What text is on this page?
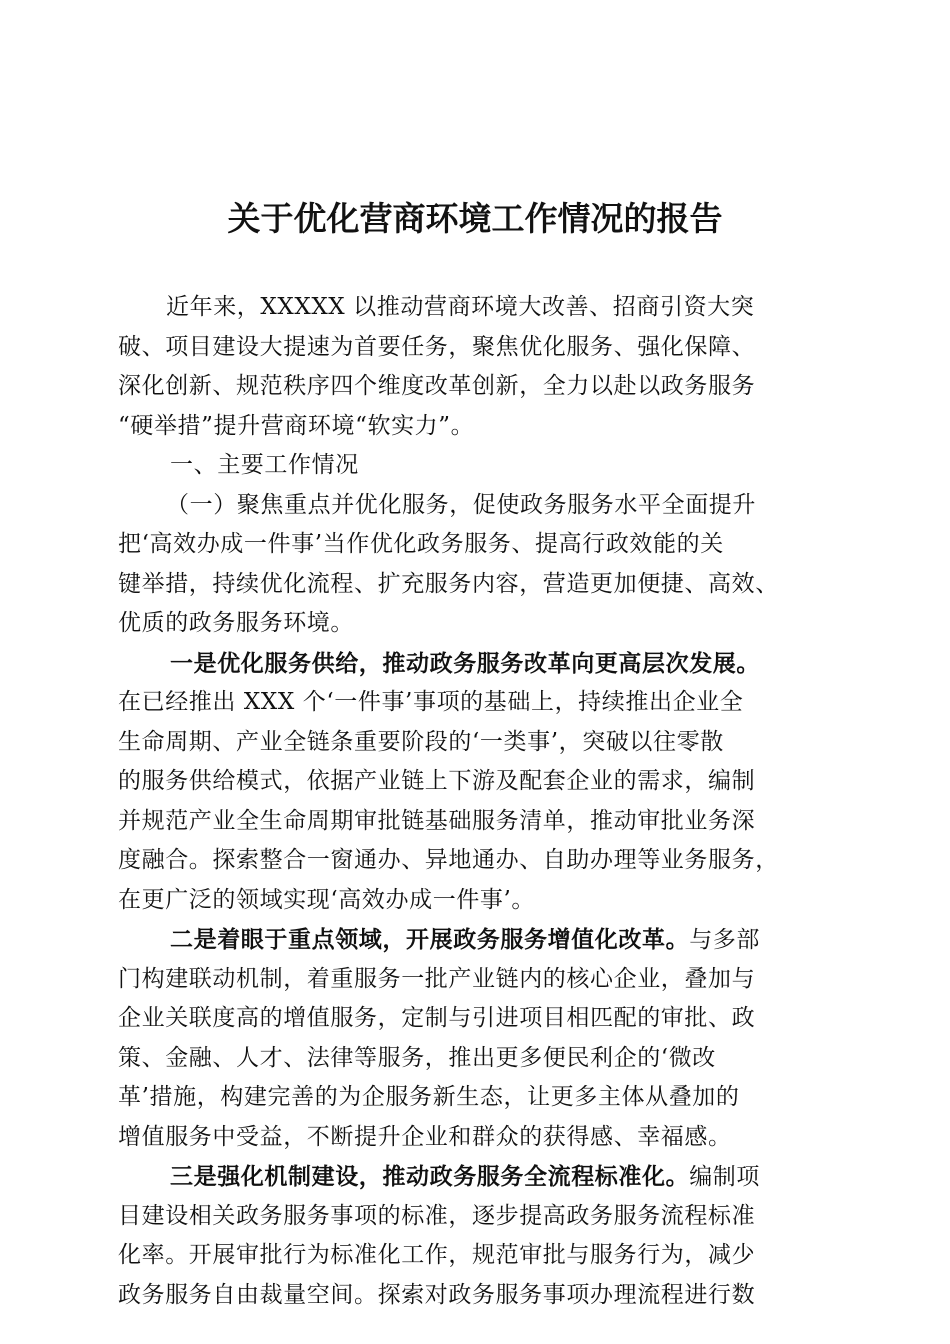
关于优化营商环境工作情况的报告
近年来，XXXXX 以推动营商环境大改善、招商引资大突
破、项目建设大提速为首要任务，聚焦优化服务、强化保障、
深化创新、规范秩序四个维度改革创新，全力以赴以政务服务
“硬举措”提升营商环境“软实力”。
一、主要工作情况
（一）聚焦重点并优化服务，促使政务服务水平全面提升
把‘高效办成一件事’当作优化政务服务、提高行政效能的关
键举措，持续优化流程、扩充服务内容，营造更加便捷、高效、
优质的政务服务环境。
一是优化服务供给，推动政务服务改革向更高层次发展。
在已经推出 XXX 个‘一件事’事项的基础上，持续推出企业全
生命周期、产业全链条重要阶段的‘一类事’，突破以往零散
的服务供给模式，依据产业链上下游及配套企业的需求，编制
并规范产业全生命周期审批链基础服务清单，推动审批业务深
度融合。探索整合一窗通办、异地通办、自助办理等业务服务，
在更广泛的领域实现‘高效办成一件事’。
二是着眼于重点领域，开展政务服务增值化改革。与多部
门构建联动机制，着重服务一批产业链内的核心企业，叠加与
企业关联度高的增值服务，定制与引进项目相匹配的审批、政
策、金融、人才、法律等服务，推出更多便民利企的‘微改
革’措施，构建完善的为企服务新生态，让更多主体从叠加的
增值服务中受益，不断提升企业和群众的获得感、幸福感。
三是强化机制建设，推动政务服务全流程标准化。编制项
目建设相关政务服务事项的标准，逐步提高政务服务流程标准
化率。开展审批行为标准化工作，规范审批与服务行为，减少
政务服务自由裁量空间。探索对政务服务事项办理流程进行数
